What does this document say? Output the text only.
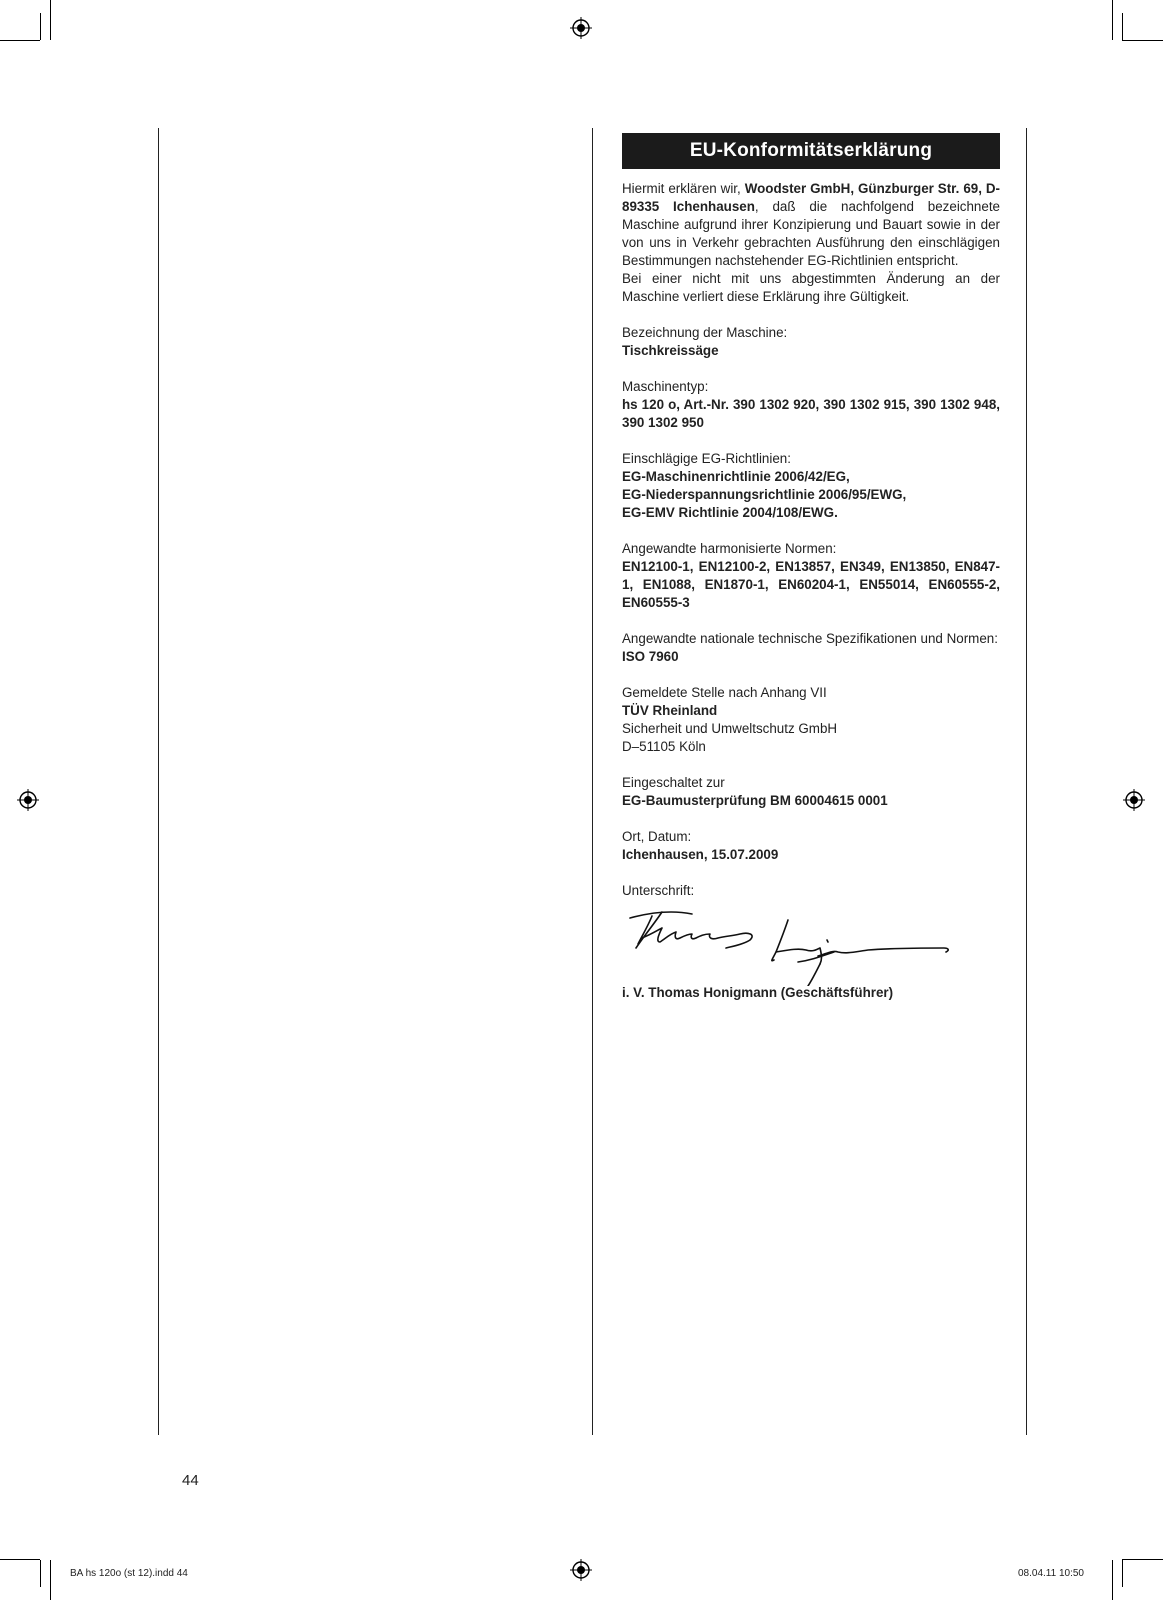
EU-Konformitätserklärung

Hiermit erklären wir, Woodster GmbH, Günzburger Str. 69, D-89335 Ichenhausen, daß die nachfolgend bezeichnete Maschine aufgrund ihrer Konzipierung und Bauart sowie in der von uns in Verkehr gebrachten Ausführung den einschlägigen Bestimmungen nachstehender EG-Richtlinien entspricht.

Bei einer nicht mit uns abgestimmten Änderung an der Maschine verliert diese Erklärung ihre Gültigkeit.

Bezeichnung der Maschine:

Tischkreissäge

Maschinentyp:

hs 120 o, Art.-Nr. 390 1302 920, 390 1302 915, 390 1302 948, 390 1302 950

Einschlägige EG-Richtlinien:

EG-Maschinenrichtlinie 2006/42/EG,

EG-Niederspannungsrichtlinie 2006/95/EWG,

EG-EMV Richtlinie 2004/108/EWG.

Angewandte harmonisierte Normen:

EN12100-1, EN12100-2, EN13857, EN349, EN13850, EN847-1, EN1088, EN1870-1, EN60204-1, EN55014, EN60555-2, EN60555-3

Angewandte nationale technische Spezifikationen und Normen:

ISO 7960

Gemeldete Stelle nach Anhang VII

TÜV Rheinland

Sicherheit und Umweltschutz GmbH

D–51105 Köln

Eingeschaltet zur

EG-Baumusterprüfung BM 60004615 0001

Ort, Datum:

Ichenhausen, 15.07.2009

Unterschrift:

i. V. Thomas Honigmann (Geschäftsführer)

44
BA hs 120o (st 12).indd 44	08.04.11 10:50
